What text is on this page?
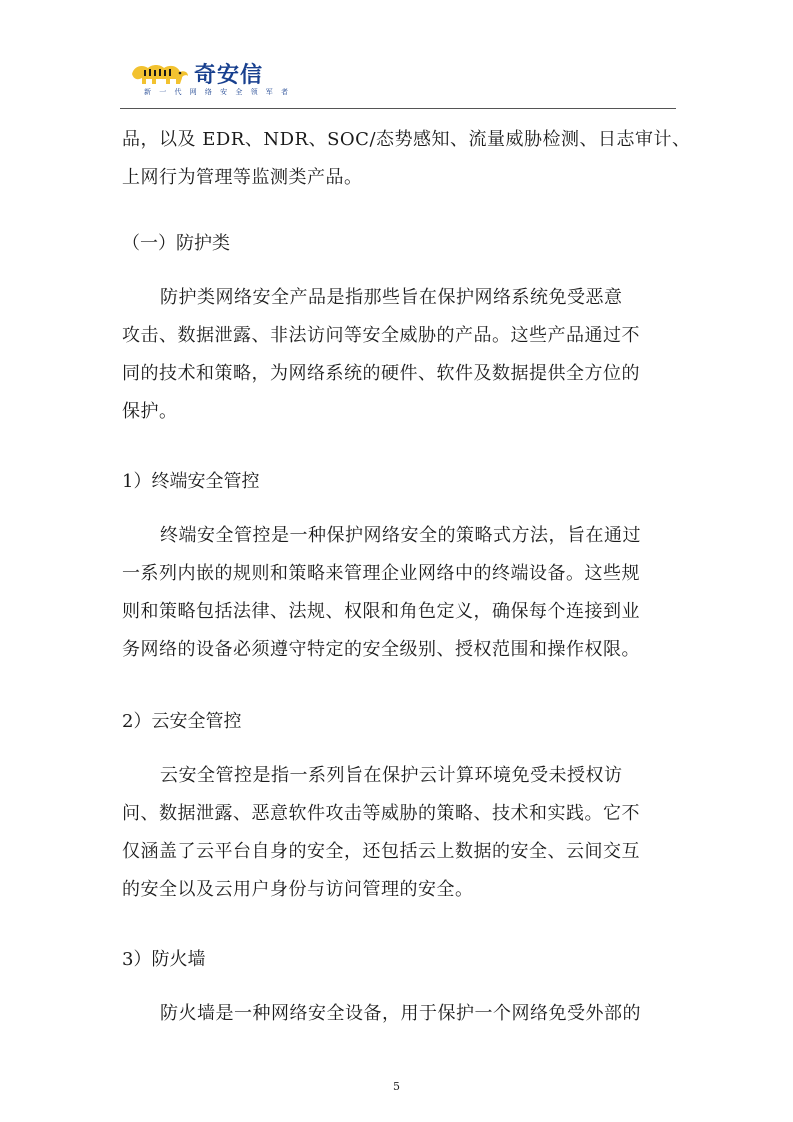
奇安信
新 一 代 网 络 安 全 领 军 者

品，以及 EDR、NDR、SOC/态势感知、流量威胁检测、日志审计、

上网行为管理等监测类产品。

（一）防护类

防护类网络安全产品是指那些旨在保护网络系统免受恶意

攻击、数据泄露、非法访问等安全威胁的产品。这些产品通过不

同的技术和策略，为网络系统的硬件、软件及数据提供全方位的

保护。

1）终端安全管控

终端安全管控是一种保护网络安全的策略式方法，旨在通过

一系列内嵌的规则和策略来管理企业网络中的终端设备。这些规

则和策略包括法律、法规、权限和角色定义，确保每个连接到业

务网络的设备必须遵守特定的安全级别、授权范围和操作权限。

2）云安全管控

云安全管控是指一系列旨在保护云计算环境免受未授权访

问、数据泄露、恶意软件攻击等威胁的策略、技术和实践。它不

仅涵盖了云平台自身的安全，还包括云上数据的安全、云间交互

的安全以及云用户身份与访问管理的安全。

3）防火墙

防火墙是一种网络安全设备，用于保护一个网络免受外部的

5
